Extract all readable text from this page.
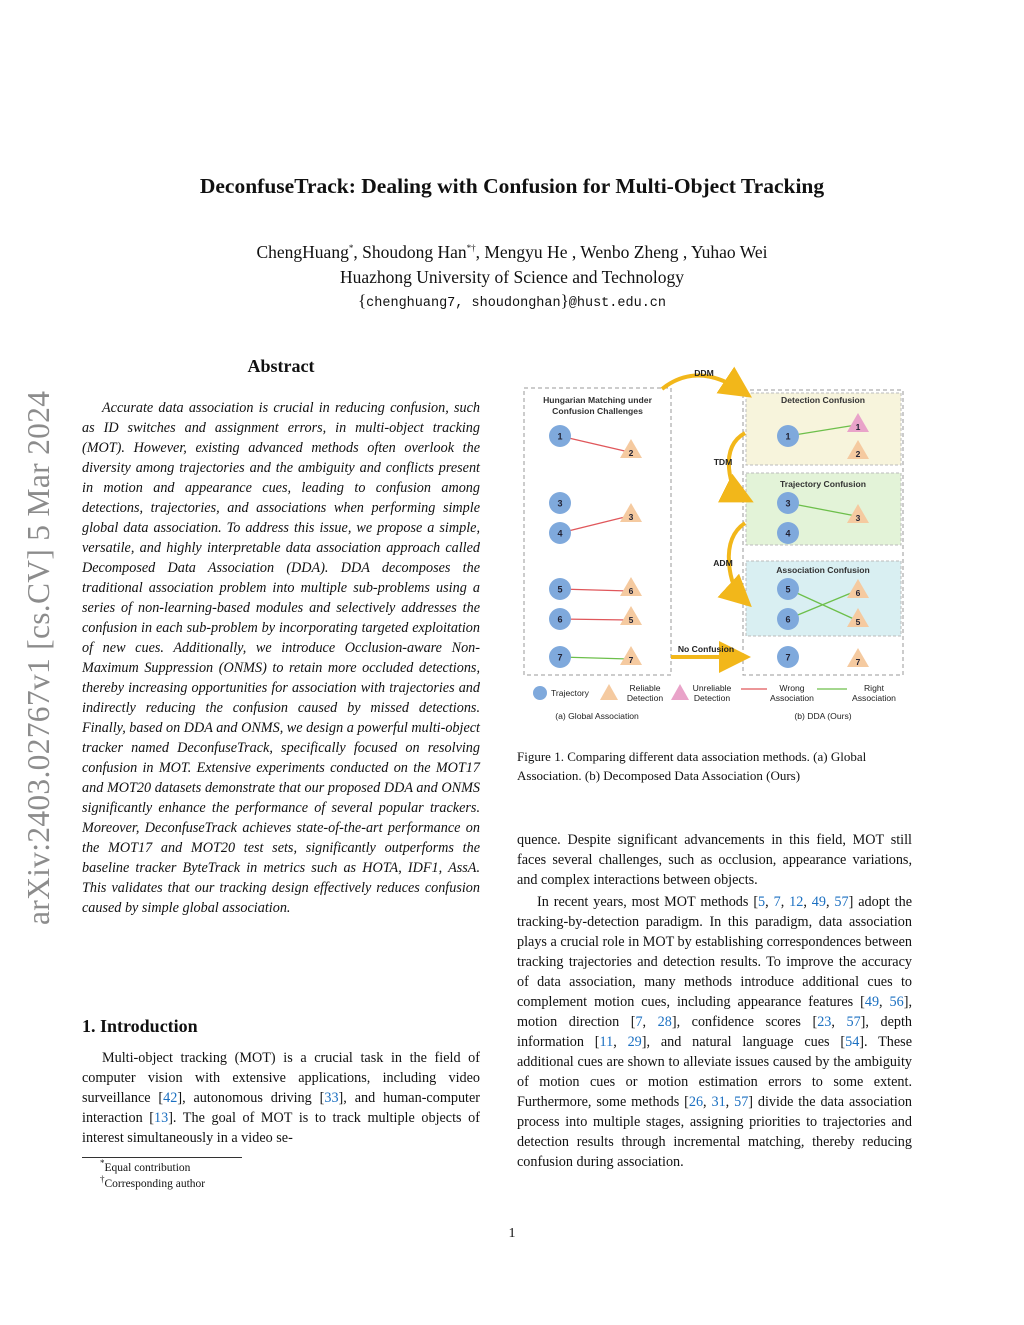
arXiv:2403.02767v1 [cs.CV] 5 Mar 2024
DeconfuseTrack: Dealing with Confusion for Multi-Object Tracking
ChengHuang*, Shoudong Han*†, Mengyu He , Wenbo Zheng , Yuhao Wei
Huazhong University of Science and Technology
{chenghuang7, shoudonghan}@hust.edu.cn
Abstract
Accurate data association is crucial in reducing confusion, such as ID switches and assignment errors, in multi-object tracking (MOT). However, existing advanced methods often overlook the diversity among trajectories and the ambiguity and conflicts present in motion and appearance cues, leading to confusion among detections, trajectories, and associations when performing simple global data association. To address this issue, we propose a simple, versatile, and highly interpretable data association approach called Decomposed Data Association (DDA). DDA decomposes the traditional association problem into multiple sub-problems using a series of non-learning-based modules and selectively addresses the confusion in each sub-problem by incorporating targeted exploitation of new cues. Additionally, we introduce Occlusion-aware Non-Maximum Suppression (ONMS) to retain more occluded detections, thereby increasing opportunities for association with trajectories and indirectly reducing the confusion caused by missed detections. Finally, based on DDA and ONMS, we design a powerful multi-object tracker named DeconfuseTrack, specifically focused on resolving confusion in MOT. Extensive experiments conducted on the MOT17 and MOT20 datasets demonstrate that our proposed DDA and ONMS significantly enhance the performance of several popular trackers. Moreover, DeconfuseTrack achieves state-of-the-art performance on the MOT17 and MOT20 test sets, significantly outperforms the baseline tracker ByteTrack in metrics such as HOTA, IDF1, AssA. This validates that our tracking design effectively reduces confusion caused by simple global association.
1. Introduction
Multi-object tracking (MOT) is a crucial task in the field of computer vision with extensive applications, including video surveillance [42], autonomous driving [33], and human-computer interaction [13]. The goal of MOT is to track multiple objects of interest simultaneously in a video se-
*Equal contribution
†Corresponding author
Hungarian Matching under
Confusion Challenges
Detection Confusion
Trajectory Confusion
Association Confusion
DDM
TDM
ADM
No Confusion
1
3
4
5
6
7
2
3
6
5
7
1
3
4
5
6
7
1
2
3
6
5
7
Trajectory	Reliable
Detection
Unreliable
Detection
Wrong
Association
Right
Association
(a) Global Association	(b) DDA (Ours)
Figure 1. Comparing different data association methods. (a) Global Association. (b) Decomposed Data Association (Ours)

quence. Despite significant advancements in this field, MOT still faces several challenges, such as occlusion, appearance variations, and complex interactions between objects.

In recent years, most MOT methods [5, 7, 12, 49, 57] adopt the tracking-by-detection paradigm. In this paradigm, data association plays a crucial role in MOT by establishing correspondences between tracking trajectories and detection results. To improve the accuracy of data association, many methods introduce additional cues to complement motion cues, including appearance features [49, 56], motion direction [7, 28], confidence scores [23, 57], depth information [11, 29], and natural language cues [54]. These additional cues are shown to alleviate issues caused by the ambiguity of motion cues or motion estimation errors to some extent. Furthermore, some methods [26, 31, 57] divide the data association process into multiple stages, assigning priorities to trajectories and detection results through incremental matching, thereby reducing confusion during association.

1
